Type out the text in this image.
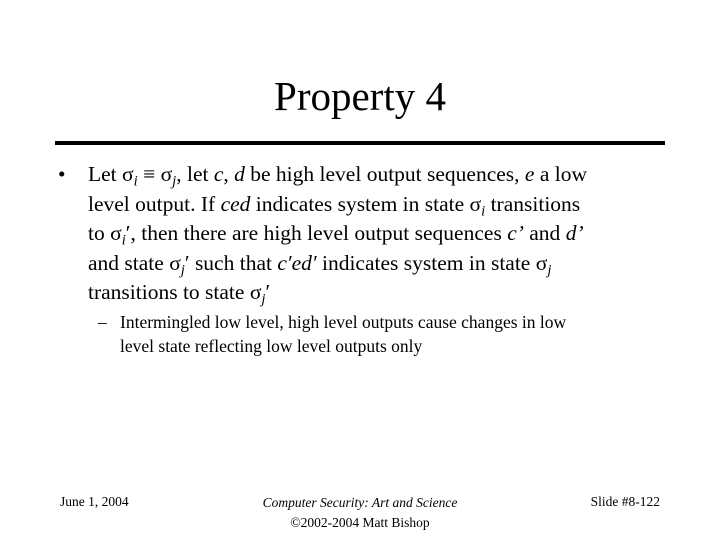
Property 4
• Let $\sigma_i \equiv \sigma_j$, let c, d be high level output sequences, e a low
level output. If ced indicates system in state $\sigma_i$ transitions
to $\sigma_i'$, then there are high level output sequences c’ and d’
and state $\sigma_j'$ such that c′ed′ indicates system in state $\sigma_j$
transitions to state $\sigma_j'$
– Intermingled low level, high level outputs cause changes in low
level state reflecting low level outputs only
June 1, 2004	Computer Security: Art and Science
©2002-2004 Matt Bishop
Slide #8-122
